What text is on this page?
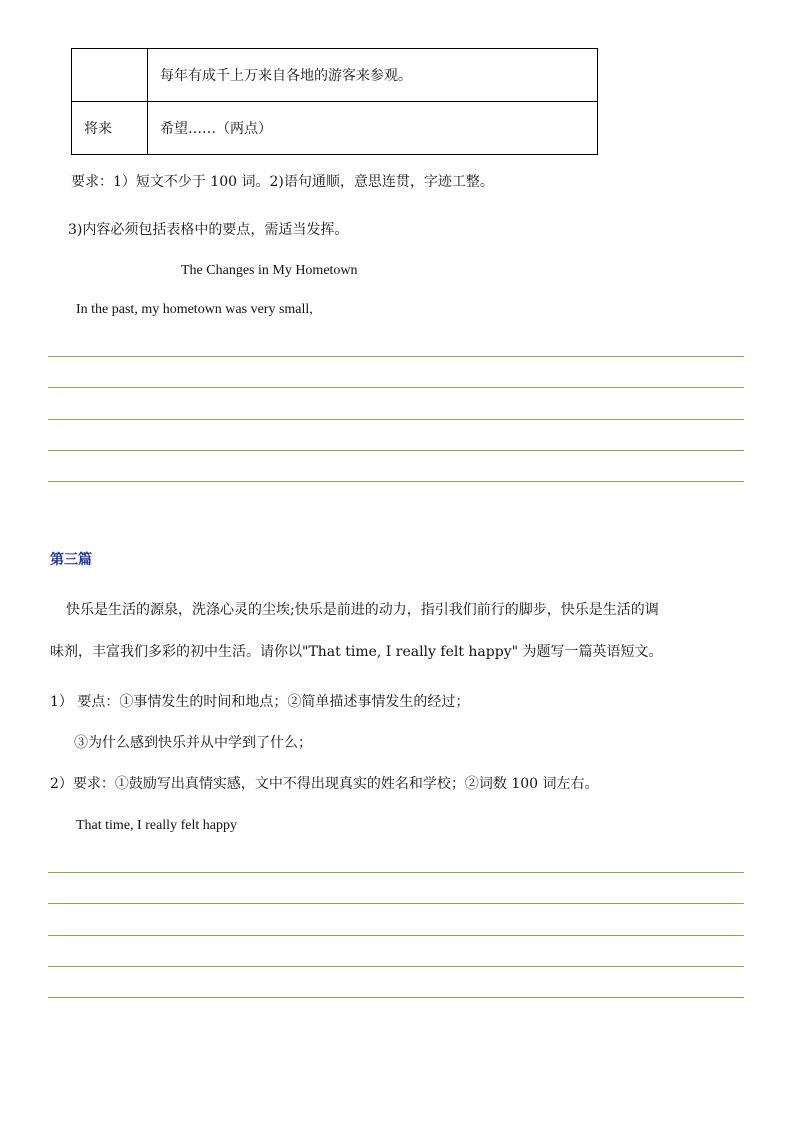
	每年有成千上万来自各地的游客来参观。
将来	希望……（两点）
要求：1）短文不少于 100 词。2)语句通顺，意思连贯，字迹工整。
3)内容必须包括表格中的要点，需适当发挥。
The Changes in My Hometown
In the past, my hometown was very small,
第三篇
快乐是生活的源泉，洗涤心灵的尘埃;快乐是前进的动力，指引我们前行的脚步，快乐是生活的调
味剂，丰富我们多彩的初中生活。请你以"That time, I really felt happy" 为题写一篇英语短文。
1） 要点：①事情发生的时间和地点；②简单描述事情发生的经过；
③为什么感到快乐并从中学到了什么；
2）要求：①鼓励写出真情实感，文中不得出现真实的姓名和学校；②词数 100 词左右。
That time, I really felt happy
